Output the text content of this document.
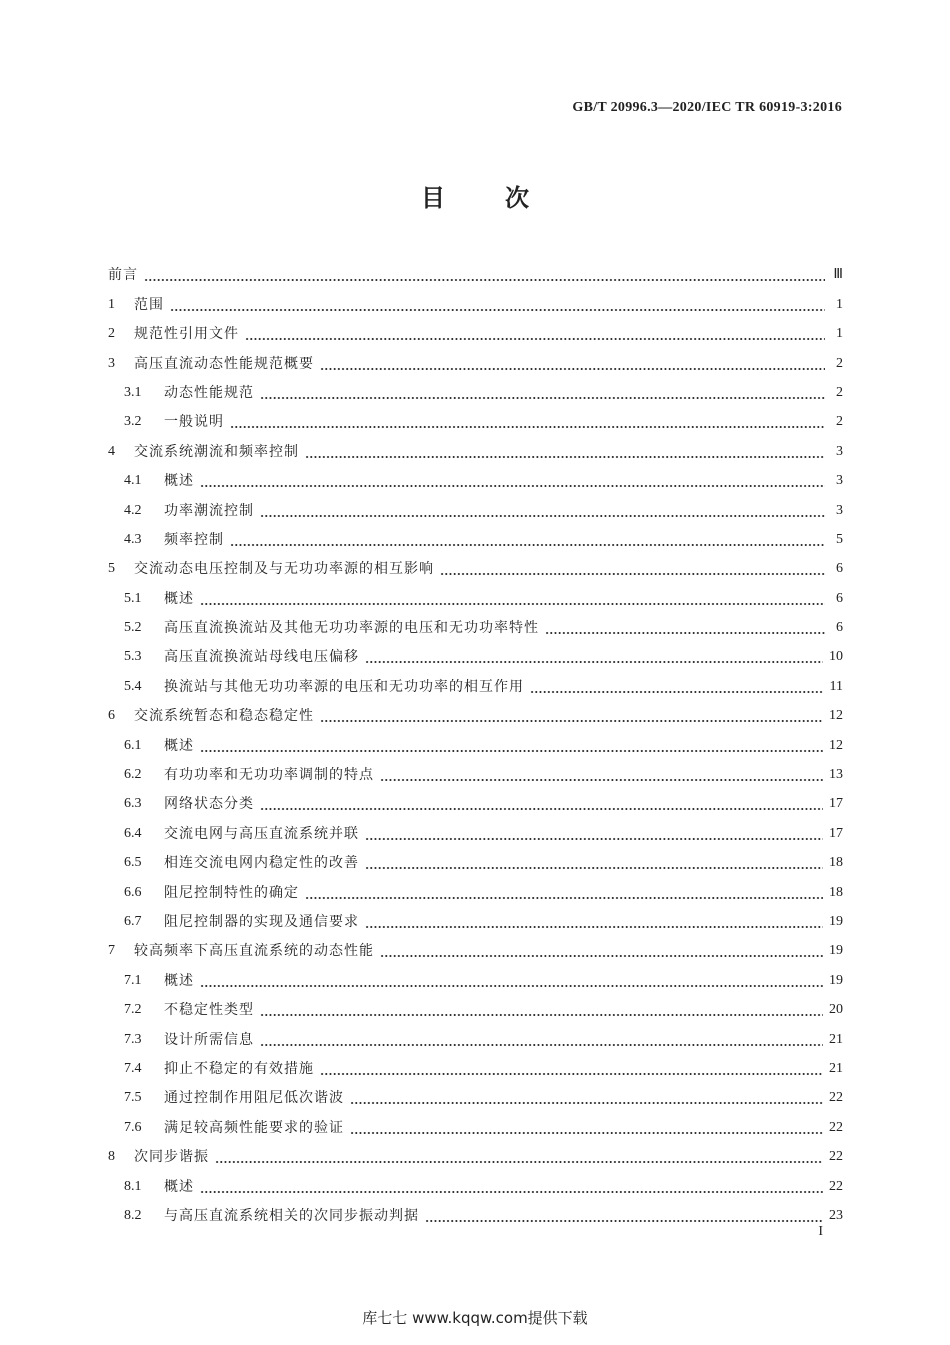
GB/T 20996.3—2020/IEC TR 60919-3:2016
目	次
前言	Ⅲ
1	范围	1
2	规范性引用文件	1
3	高压直流动态性能规范概要	2
3.1	动态性能规范	2
3.2	一般说明	2
4	交流系统潮流和频率控制	3
4.1	概述	3
4.2	功率潮流控制	3
4.3	频率控制	5
5	交流动态电压控制及与无功功率源的相互影响	6
5.1	概述	6
5.2	高压直流换流站及其他无功功率源的电压和无功功率特性	6
5.3	高压直流换流站母线电压偏移	10
5.4	换流站与其他无功功率源的电压和无功功率的相互作用	11
6	交流系统暂态和稳态稳定性	12
6.1	概述	12
6.2	有功功率和无功功率调制的特点	13
6.3	网络状态分类	17
6.4	交流电网与高压直流系统并联	17
6.5	相连交流电网内稳定性的改善	18
6.6	阻尼控制特性的确定	18
6.7	阻尼控制器的实现及通信要求	19
7	较高频率下高压直流系统的动态性能	19
7.1	概述	19
7.2	不稳定性类型	20
7.3	设计所需信息	21
7.4	抑止不稳定的有效措施	21
7.5	通过控制作用阻尼低次谐波	22
7.6	满足较高频性能要求的验证	22
8	次同步谐振	22
8.1	概述	22
8.2	与高压直流系统相关的次同步振动判据	23
I
库七七 www.kqqw.com提供下载
